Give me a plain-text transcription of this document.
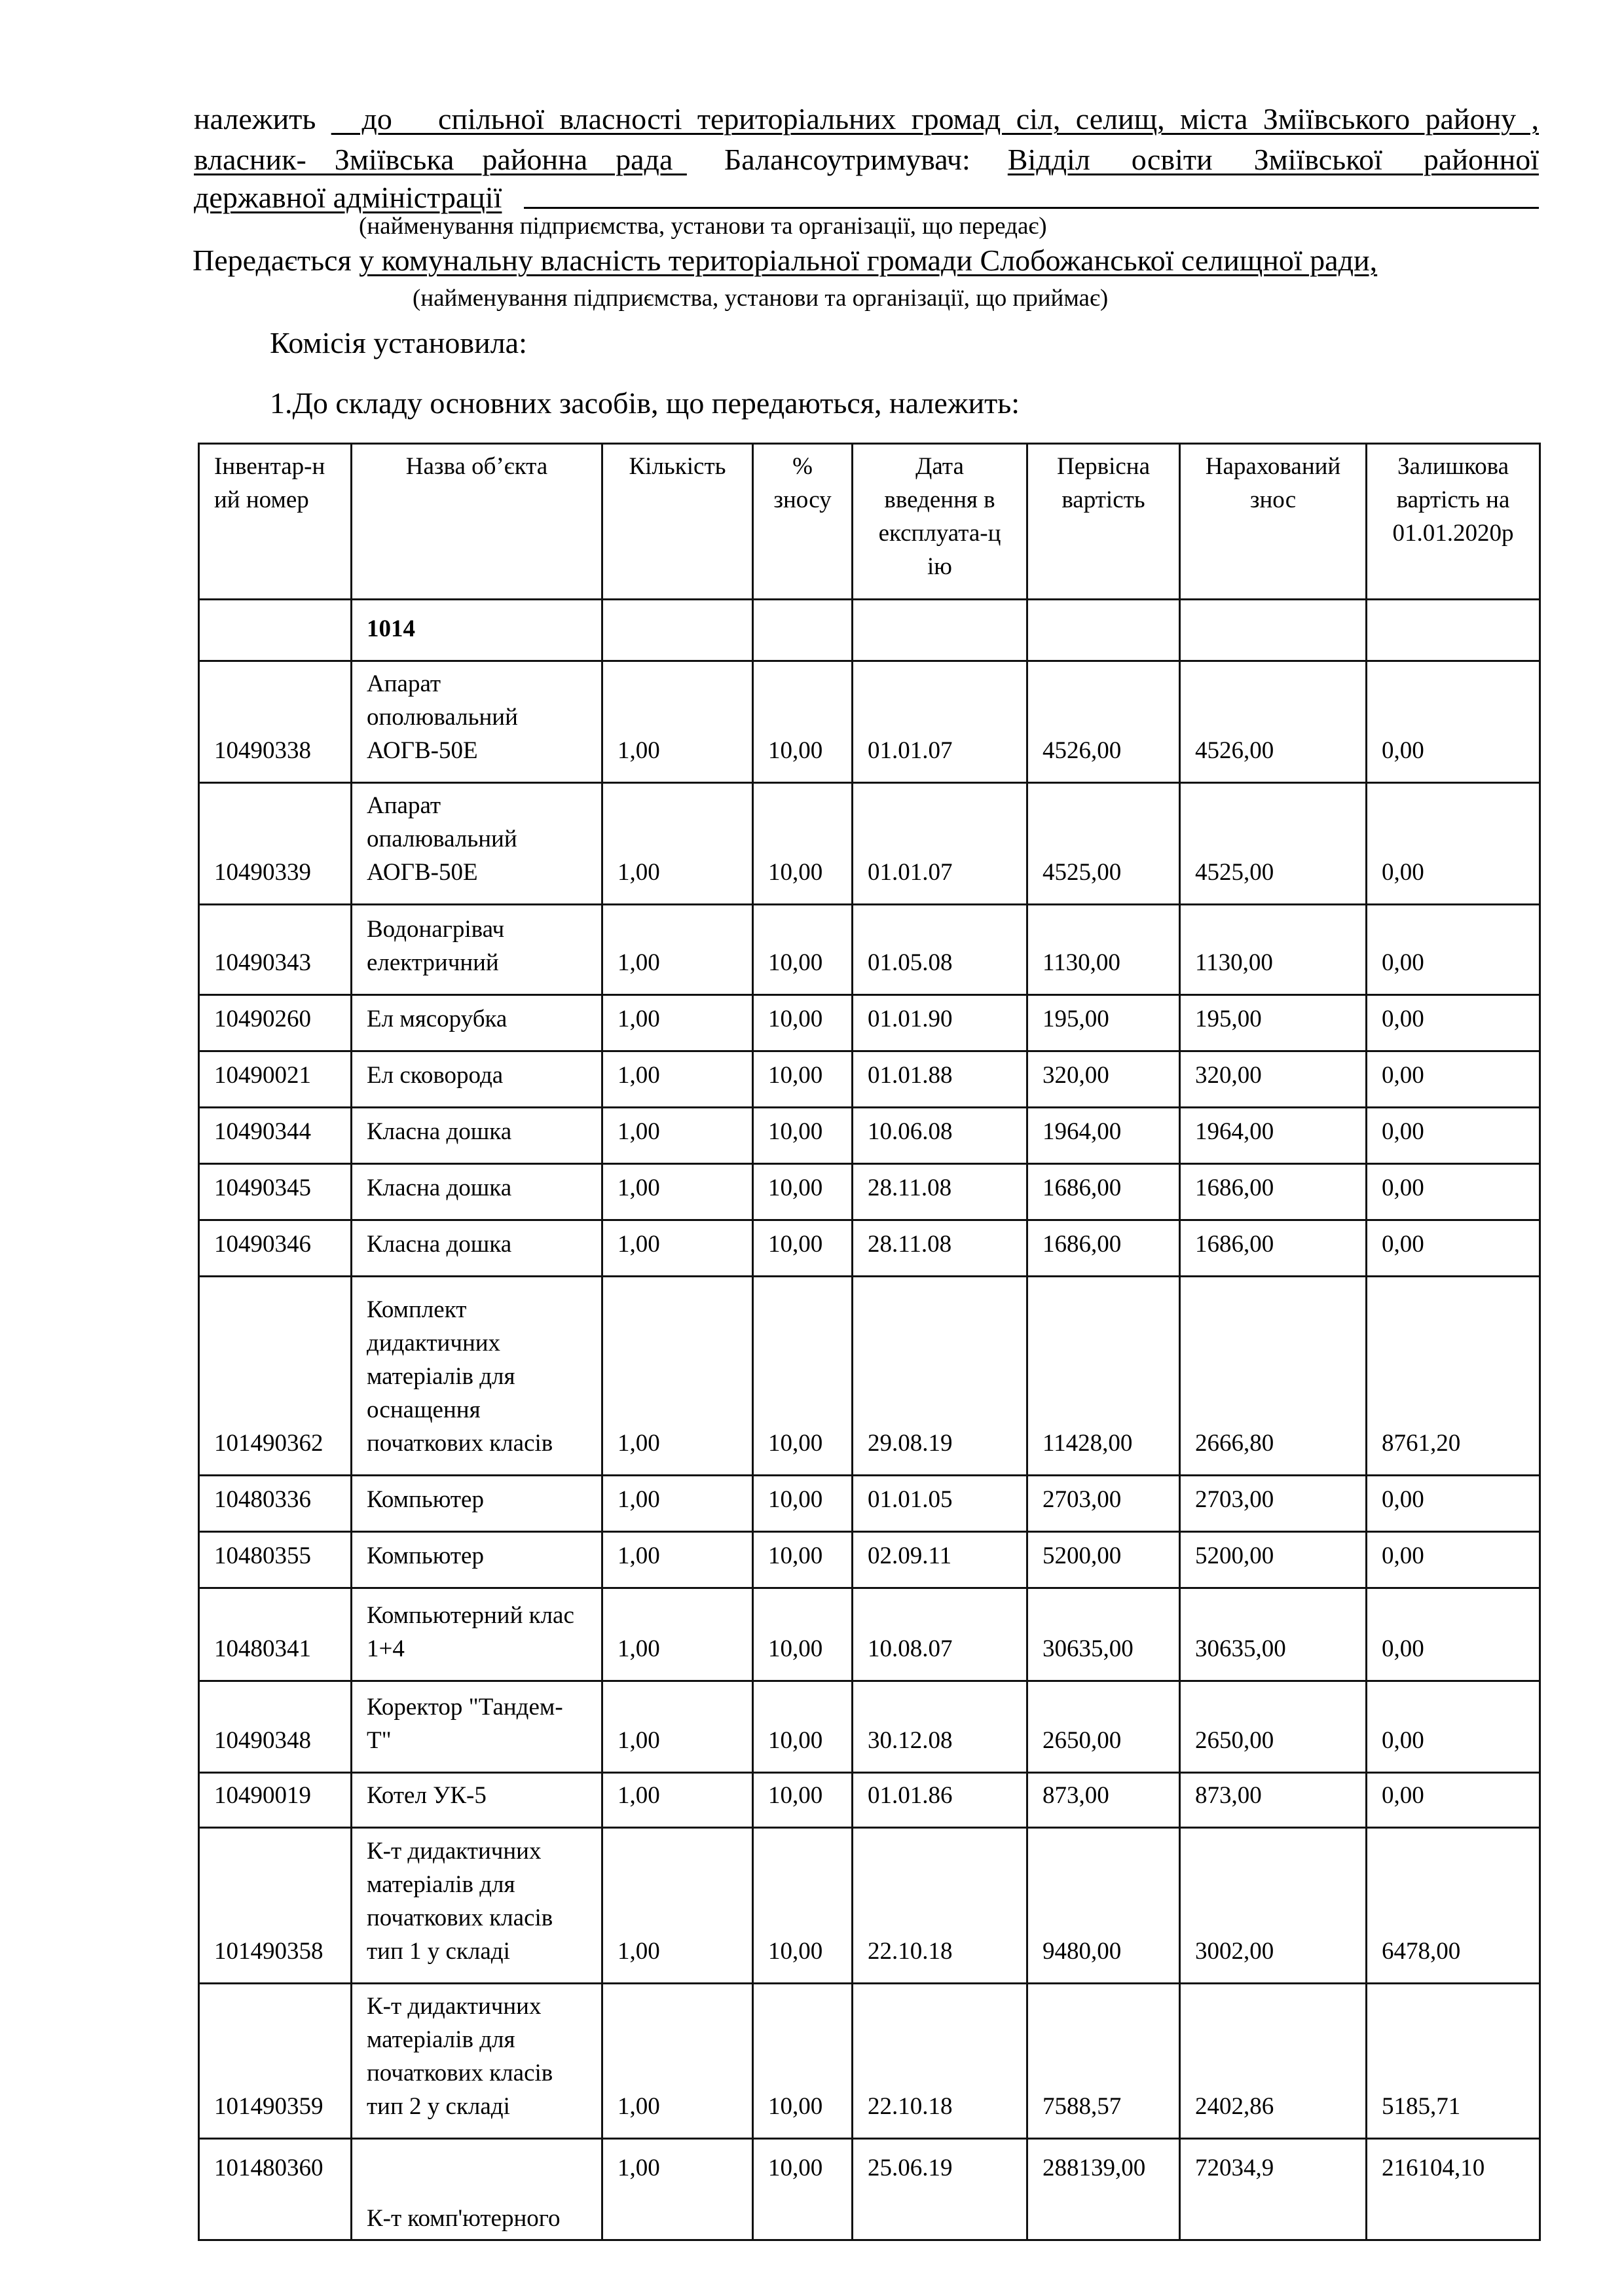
належить   до   спільної власності територіальних громад сіл, селищ, міста Зміївського району ,
власник-  Зміївська  районна  рада Балансоутримувач: Відділ  освіти  Зміївської  районної
державної адміністрації
(найменування підприємства, установи та організації, що передає)
Передається у комунальну власність територіальної громади Слобожанської селищної ради,
(найменування підприємства, установи та організації, що приймає)
Комісія установила:
1.До складу основних засобів, що передаються, належить:
Інвентар-н ий номер	Назва об’єкта	Кількість	% зносу	Дата введення в експлуата-ц ію	Первісна вартість	Нарахований знос	Залишкова вартість на 01.01.2020р
	1014						
10490338	Апарат ополювальний АОГВ-50Е	1,00	10,00	01.01.07	4526,00	4526,00	0,00
10490339	Апарат опалювальний АОГВ-50Е	1,00	10,00	01.01.07	4525,00	4525,00	0,00
10490343	Водонагрівач електричний	1,00	10,00	01.05.08	1130,00	1130,00	0,00
10490260	Ел мясорубка	1,00	10,00	01.01.90	195,00	195,00	0,00
10490021	Ел сковорода	1,00	10,00	01.01.88	320,00	320,00	0,00
10490344	Класна дошка	1,00	10,00	10.06.08	1964,00	1964,00	0,00
10490345	Класна дошка	1,00	10,00	28.11.08	1686,00	1686,00	0,00
10490346	Класна дошка	1,00	10,00	28.11.08	1686,00	1686,00	0,00
101490362	Комплект дидактичних матеріалів для оснащення початкових класів	1,00	10,00	29.08.19	11428,00	2666,80	8761,20
10480336	Компьютер	1,00	10,00	01.01.05	2703,00	2703,00	0,00
10480355	Компьютер	1,00	10,00	02.09.11	5200,00	5200,00	0,00
10480341	Компьютерний клас 1+4	1,00	10,00	10.08.07	30635,00	30635,00	0,00
10490348	Коректор "Тандем-Т"	1,00	10,00	30.12.08	2650,00	2650,00	0,00
10490019	Котел УК-5	1,00	10,00	01.01.86	873,00	873,00	0,00
101490358	К-т дидактичних матеріалів для початкових класів тип 1 у складі	1,00	10,00	22.10.18	9480,00	3002,00	6478,00
101490359	К-т дидактичних матеріалів для початкових класів тип 2 у складі	1,00	10,00	22.10.18	7588,57	2402,86	5185,71
101480360	К-т комп'ютерного	1,00	10,00	25.06.19	288139,00	72034,9	216104,10
